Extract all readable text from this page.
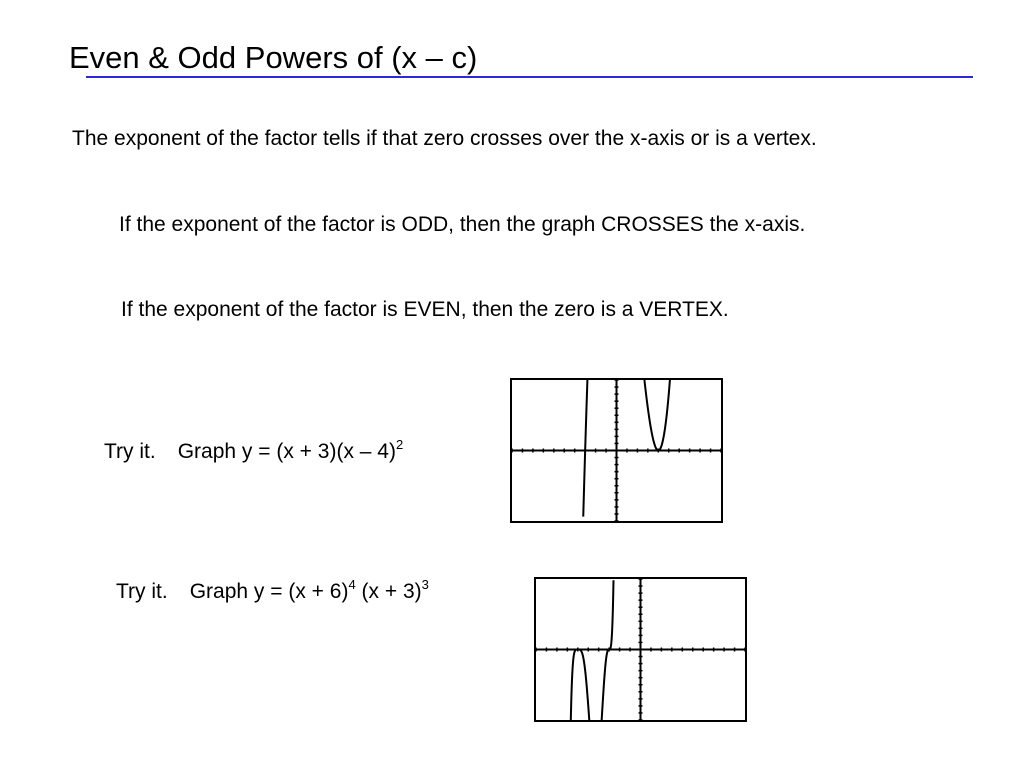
Even & Odd Powers of (x – c)
The exponent of the factor tells if that zero crosses over the x-axis or is a vertex.
If the exponent of the factor is ODD, then the graph CROSSES the x-axis.
If the exponent of the factor is EVEN, then the zero is a VERTEX.
Try it. Graph y = (x + 3)(x – 4)$^2$
Try it. Graph $y = (x + 6)^4$ $(x + 3)^3$
